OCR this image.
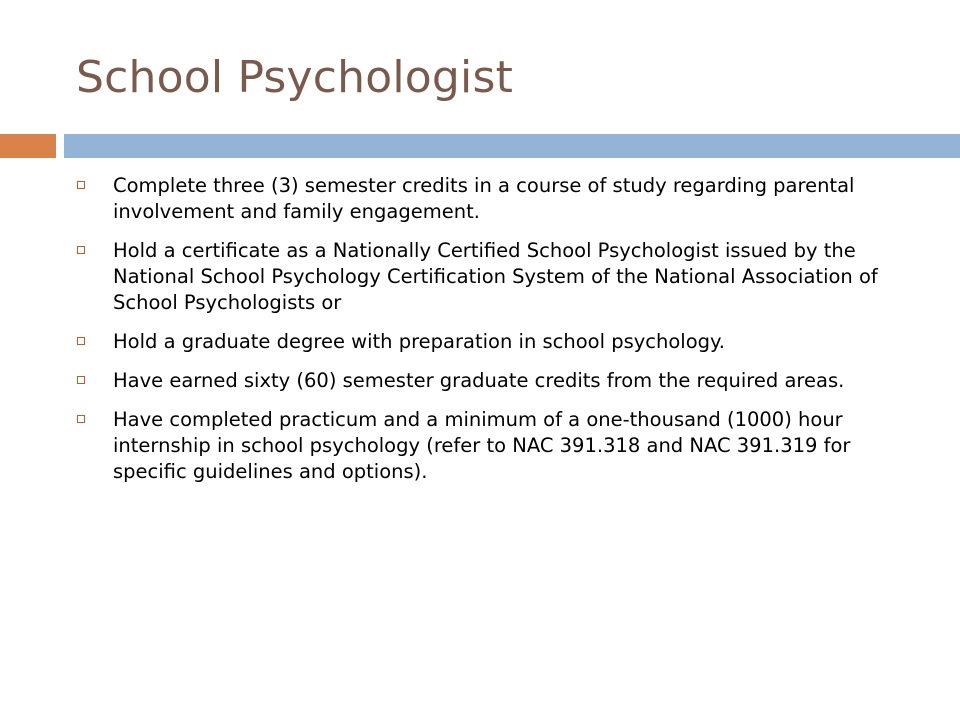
School Psychologist
Complete three (3) semester credits in a course of study regarding parental involvement and family engagement.
Hold a certificate as a Nationally Certified School Psychologist issued by the National School Psychology Certification System of the National Association of School Psychologists or
Hold a graduate degree with preparation in school psychology.
Have earned sixty (60) semester graduate credits from the required areas.
Have completed practicum and a minimum of a one-thousand (1000) hour internship in school psychology (refer to NAC 391.318 and NAC 391.319 for specific guidelines and options).
